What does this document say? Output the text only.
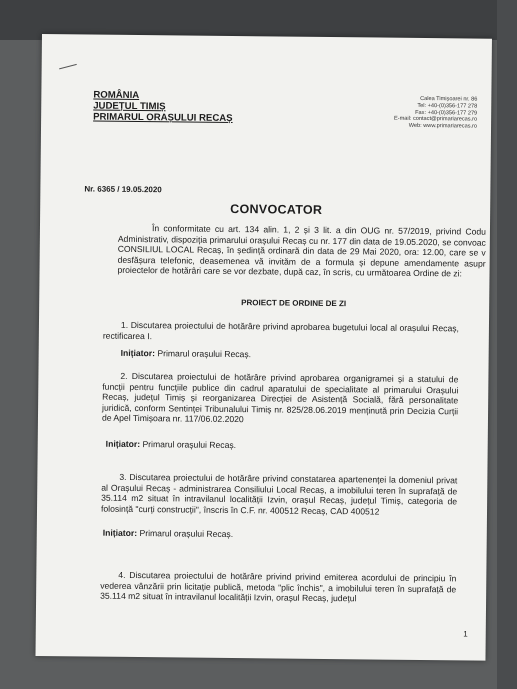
ROMÂNIA
JUDEȚUL TIMIȘ
PRIMARUL ORAȘULUI RECAȘ
Calea Timișoarei nr. 86
Tel: +40-(0)356-177 278
Fax: +40-(0)356-177 279
E-mail: contact@primariarecas.ro
Web: www.primariarecas.ro
Nr. 6365 / 19.05.2020
CONVOCATOR

În conformitate cu art. 134 alin. 1, 2 și 3 lit. a din OUG nr. 57/2019, privind Codu Administrativ, dispoziția primarului orașului Recaș cu nr. 177 din data de 19.05.2020, se convoac CONSILIUL LOCAL Recaș, în ședință ordinară din data de 29 Mai 2020, ora: 12.00, care se v desfășura telefonic, deasemenea vă invităm de a formula și depune amendamente asupr proiectelor de hotărâri care se vor dezbate, după caz, în scris, cu următoarea Ordine de zi:

PROIECT DE ORDINE DE ZI

1. Discutarea proiectului de hotărâre privind aprobarea bugetului local al orașului Recaș, rectificarea I.

Inițiator: Primarul orașului Recaș.

2. Discutarea proiectului de hotărâre privind aprobarea organigramei și a statului de funcții pentru funcțiile publice din cadrul aparatului de specialitate al primarului Orașului Recaș, județul Timiș și reorganizarea Direcției de Asistență Socială, fără personalitate juridică, conform Sentinței Tribunalului Timiș nr. 825/28.06.2019 menținută prin Decizia Curții de Apel Timișoara nr. 117/06.02.2020

Inițiator: Primarul orașului Recaș.

3. Discutarea proiectului de hotărâre privind constatarea apartenenței la domeniul privat al Orașului Recaș - administrarea Consiliului Local Recaș, a imobilului teren în suprafață de 35.114 m2 situat în intravilanul localității Izvin, orașul Recaș, județul Timiș, categoria de folosință "curți construcții", înscris în C.F. nr. 400512 Recaș, CAD 400512

Inițiator: Primarul orașului Recaș.

4. Discutarea proiectului de hotărâre privind privind emiterea acordului de principiu în vederea vânzării prin licitație publică, metoda "plic închis", a imobilului teren în suprafață de 35.114 m2 situat în intravilanul localității Izvin, orașul Recaș, județul

1
